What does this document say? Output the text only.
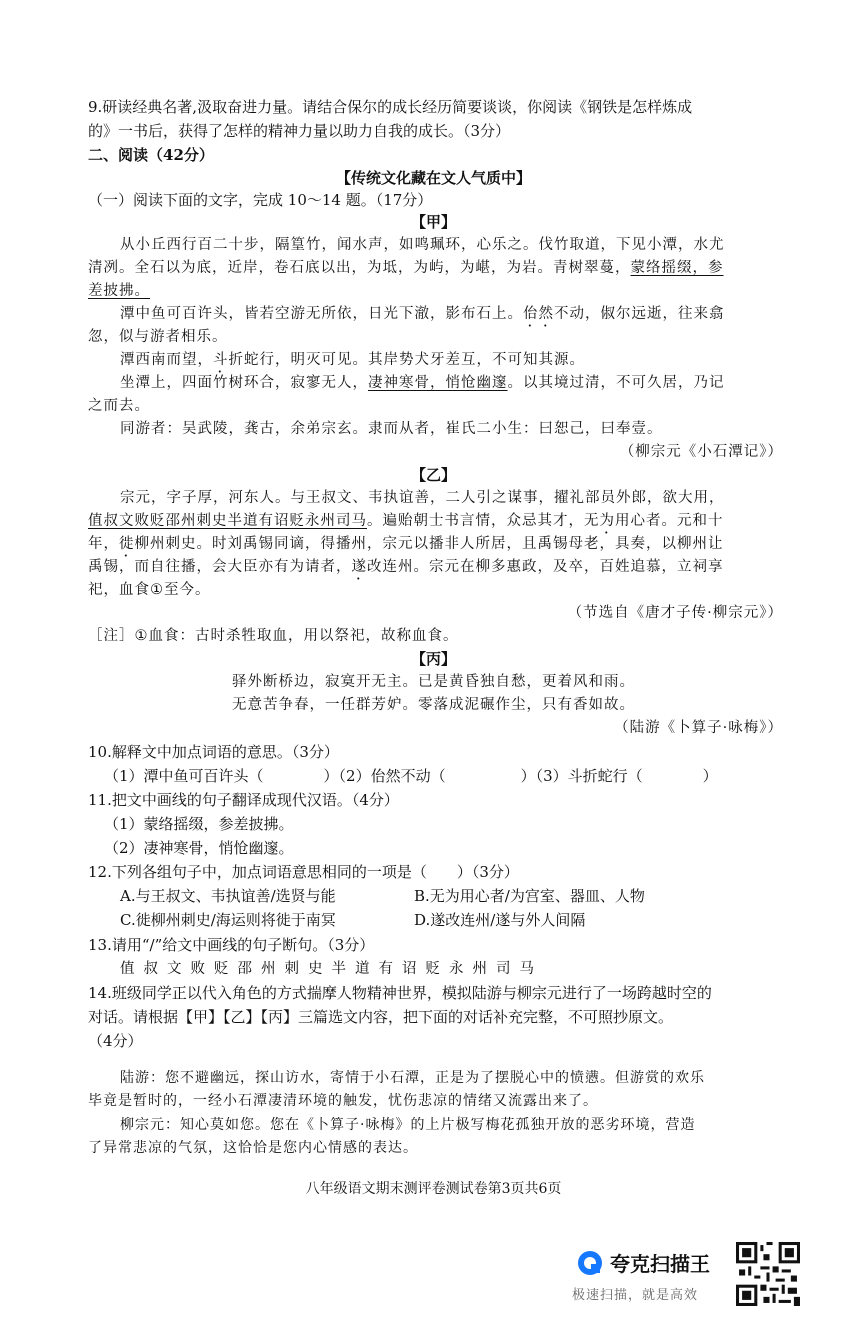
9.研读经典名著,汲取奋进力量。请结合保尔的成长经历简要谈谈，你阅读《钢铁是怎样炼成
的》一书后，获得了怎样的精神力量以助力自我的成长。（3分）
二、阅读（42分）
【传统文化藏在文人气质中】
（一）阅读下面的文字，完成 10～14 题。（17分）
【甲】
从小丘西行百二十步，隔篁竹，闻水声，如鸣珮环，心乐之。伐竹取道，下见小潭，水尤
清冽。全石以为底，近岸，卷石底以出，为坻，为屿，为嵁，为岩。青树翠蔓，蒙络摇缀，参
差披拂。
潭中鱼可百许头，皆若空游无所依，日光下澈，影布石上。佁然不动，俶尔远逝，往来翕
忽，似与游者相乐。
潭西南而望，斗折蛇行，明灭可见。其岸势犬牙差互，不可知其源。
坐潭上，四面竹树环合，寂寥无人，凄神寒骨，悄怆幽邃。以其境过清，不可久居，乃记
之而去。
同游者：吴武陵，龚古，余弟宗玄。隶而从者，崔氏二小生：曰恕己，曰奉壹。
（柳宗元《小石潭记》）
【乙】
宗元，字子厚，河东人。与王叔文、韦执谊善，二人引之谋事，擢礼部员外郎，欲大用，
值叔文败贬邵州刺史半道有诏贬永州司马。遍贻朝士书言情，众忌其才，无为用心者。元和十
年，徙柳州刺史。时刘禹锡同谪，得播州，宗元以播非人所居，且禹锡母老，具奏，以柳州让
禹锡，而自往播，会大臣亦有为请者，遂改连州。宗元在柳多惠政，及卒，百姓追慕，立祠享
祀，血食①至今。
（节选自《唐才子传·柳宗元》）
［注］①血食：古时杀牲取血，用以祭祀，故称血食。
【丙】
驿外断桥边，寂寞开无主。已是黄昏独自愁，更着风和雨。
无意苦争春，一任群芳妒。零落成泥碾作尘，只有香如故。
（陆游《卜算子·咏梅》）
10.解释文中加点词语的意思。（3分）
（1）潭中鱼可百许头（　　　　）（2）佁然不动（　　　　　）（3）斗折蛇行（　　　　）
11.把文中画线的句子翻译成现代汉语。（4分）
（1）蒙络摇缀，参差披拂。
（2）凄神寒骨，悄怆幽邃。
12.下列各组句子中，加点词语意思相同的一项是（　　）（3分）
A.与王叔文、韦执谊善/选贤与能	B.无为用心者/为宫室、器皿、人物
C.徙柳州刺史/海运则将徙于南冥	D.遂改连州/遂与外人间隔
13.请用“/”给文中画线的句子断句。（3分）
值叔文败贬邵州刺史半道有诏贬永州司马
14.班级同学正以代入角色的方式揣摩人物精神世界，模拟陆游与柳宗元进行了一场跨越时空的
对话。请根据【甲】【乙】【丙】三篇选文内容，把下面的对话补充完整，不可照抄原文。
（4分）
陆游：您不避幽远，探山访水，寄情于小石潭，正是为了摆脱心中的愤懑。但游赏的欢乐
毕竟是暂时的，一经小石潭凄清环境的触发，忧伤悲凉的情绪又流露出来了。
柳宗元：知心莫如您。您在《卜算子·咏梅》的上片极写梅花孤独开放的恶劣环境，营造
了异常悲凉的气氛，这恰恰是您内心情感的表达。
八年级语文期末测评卷测试卷第3页共6页
夸克扫描王
极速扫描，就是高效
